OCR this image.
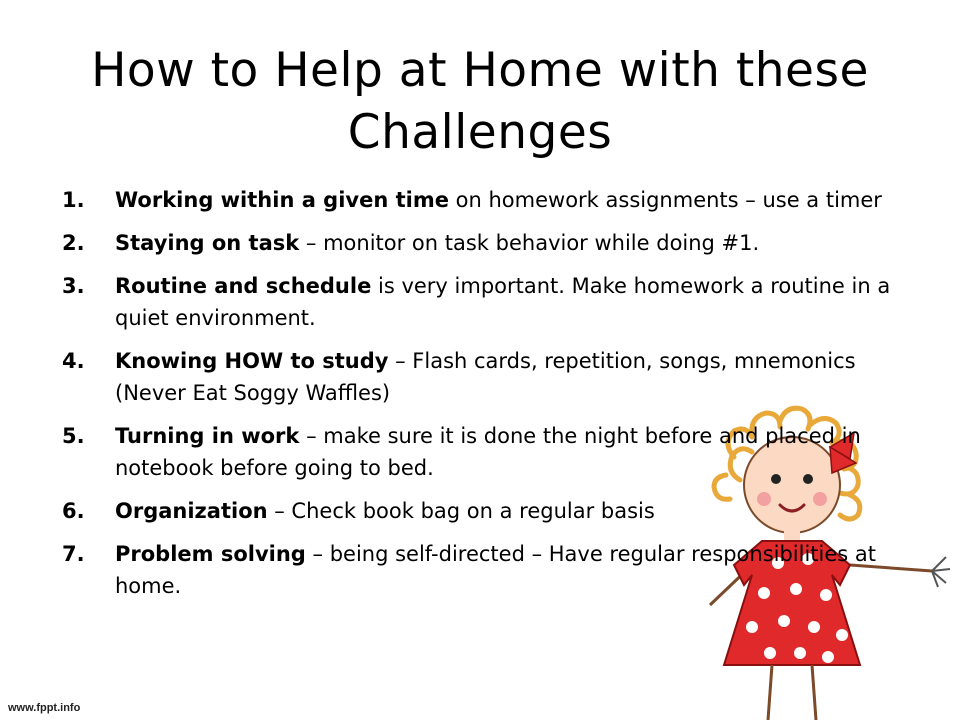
How to Help at Home with these Challenges
1. Working within a given time on homework assignments – use a timer
2. Staying on task – monitor on task behavior while doing #1.
3. Routine and schedule is very important. Make homework a routine in a quiet environment.
4. Knowing HOW to study – Flash cards, repetition, songs, mnemonics (Never Eat Soggy Waffles)
5. Turning in work – make sure it is done the night before and placed in notebook before going to bed.
6. Organization – Check book bag on a regular basis
7. Problem solving – being self-directed – Have regular responsibilities at home.
www.fppt.info
